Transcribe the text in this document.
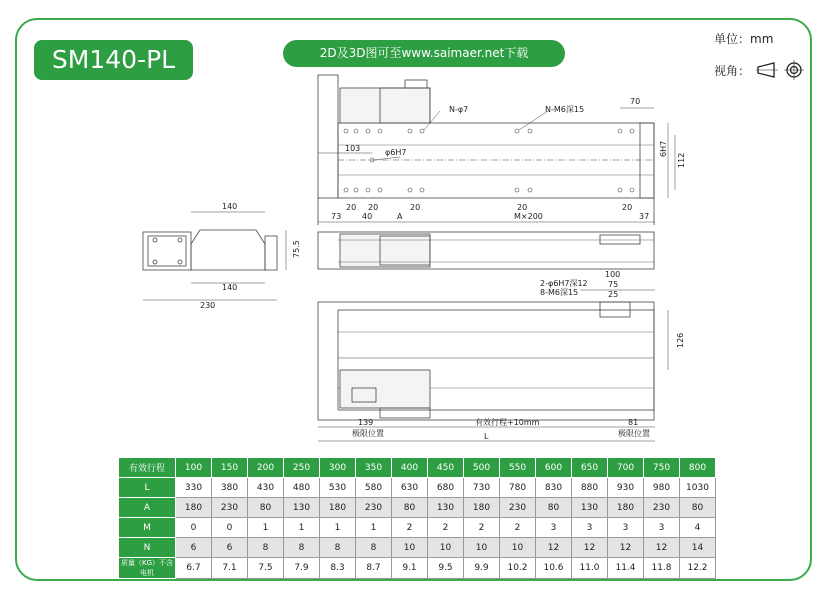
SM140-PL	2D及3D图可至www.saimaer.net下载
单位：mm
视角：
N-φ7	N-M6深15
70
103	φ6H7	6H7
112
20 20	20	20	20
73	40	A	M×200	37
140
75.5
140
230
2-φ6H7深12
8-M6深15
100
75
25
126
139	有效行程+10mm	81
极限位置	极限位置
L
有效行程	100	150	200	250	300	350	400	450	500	550	600	650	700	750	800
L	330	380	430	480	530	580	630	680	730	780	830	880	930	980	1030
A	180	230	80	130	180	230	80	130	180	230	80	130	180	230	80
M	0	0	1	1	1	1	2	2	2	2	3	3	3	3	4
N	6	6	8	8	8	8	10	10	10	10	12	12	12	12	14
质量（KG）不含电机	6.7	7.1	7.5	7.9	8.3	8.7	9.1	9.5	9.9	10.2	10.6	11.0	11.4	11.8	12.2
